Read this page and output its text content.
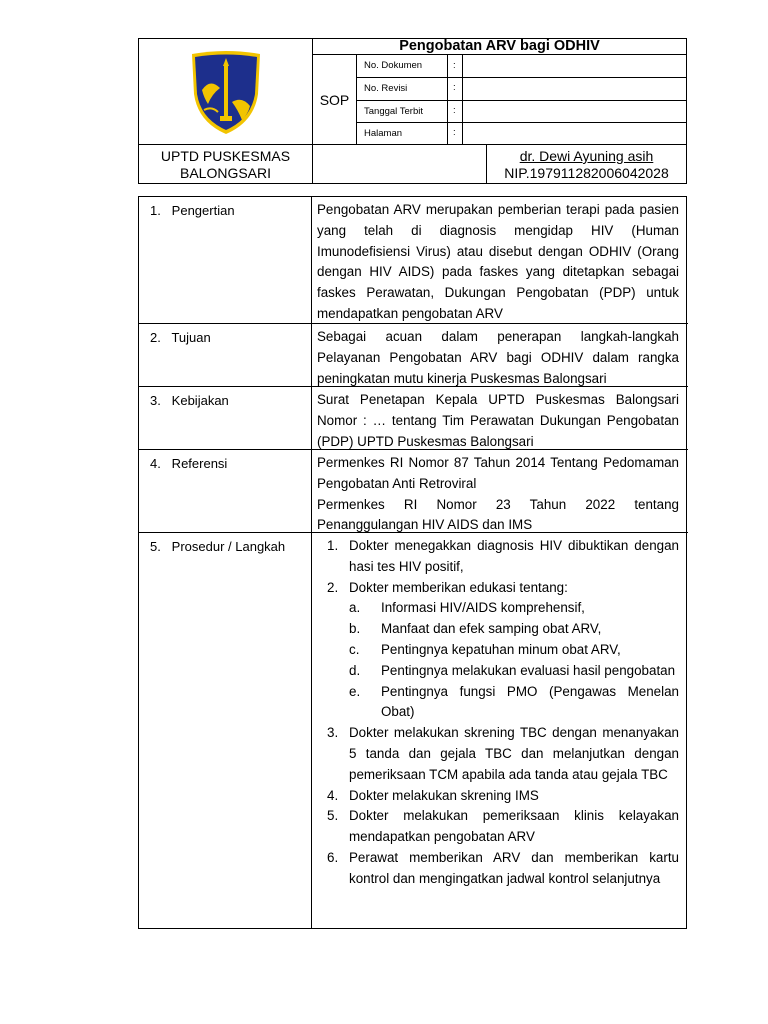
Pengobatan ARV bagi ODHIV
SOP
No. Dokumen	:
No. Revisi	:
Tanggal Terbit	:
Halaman	:
UPTD PUSKESMAS
BALONGSARI
dr. Dewi Ayuning asih
NIP.197911282006042028
1.   Pengertian	Pengobatan ARV merupakan pemberian terapi pada pasien yang telah di diagnosis mengidap HIV (Human Imunodefisiensi Virus) atau disebut dengan ODHIV (Orang dengan HIV AIDS) pada faskes yang ditetapkan sebagai faskes Perawatan, Dukungan Pengobatan (PDP) untuk mendapatkan pengobatan ARV
2.   Tujuan	Sebagai acuan dalam penerapan langkah-langkah Pelayanan Pengobatan ARV bagi ODHIV dalam rangka peningkatan mutu kinerja Puskesmas Balongsari
3.   Kebijakan	Surat Penetapan Kepala UPTD Puskesmas Balongsari Nomor : … tentang Tim Perawatan Dukungan Pengobatan (PDP) UPTD Puskesmas Balongsari
4.   Referensi	Permenkes RI Nomor 87 Tahun 2014 Tentang Pedomaman Pengobatan Anti Retroviral

Permenkes RI Nomor 23 Tahun 2022 tentang Penanggulangan HIV AIDS dan IMS

5.   Prosedur / Langkah	1. Dokter menegakkan diagnosis HIV dibuktikan dengan hasi tes HIV positif,
2. Dokter memberikan edukasi tentang:
a. Informasi HIV/AIDS komprehensif,
b. Manfaat dan efek samping obat ARV,
c. Pentingnya kepatuhan minum obat ARV,
d. Pentingnya melakukan evaluasi hasil pengobatan
e. Pentingnya fungsi PMO (Pengawas Menelan Obat)
3. Dokter melakukan skrening TBC dengan menanyakan 5 tanda dan gejala TBC dan melanjutkan dengan pemeriksaan TCM apabila ada tanda atau gejala TBC
4. Dokter melakukan skrening IMS
5. Dokter melakukan pemeriksaan klinis kelayakan mendapatkan pengobatan ARV
6. Perawat memberikan ARV dan memberikan kartu kontrol dan mengingatkan jadwal kontrol selanjutnya
